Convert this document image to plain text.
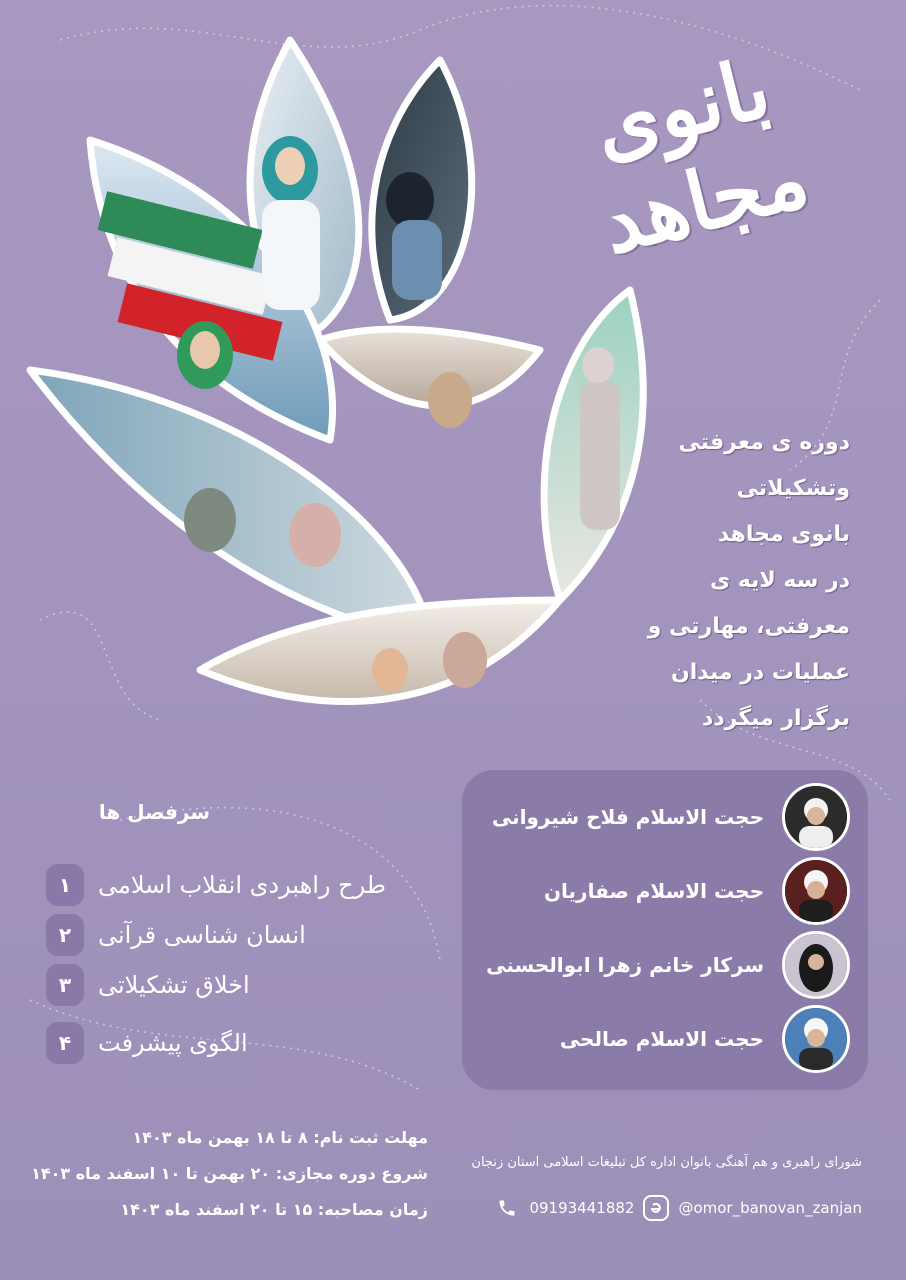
بانوی مجاهد
دوره ی معرفتی
وتشکیلاتی
بانوی مجاهد
در سه لایه ی
معرفتی، مهارتی و
عملیات در میدان
برگزار میگردد
حجت الاسلام فلاح شیروانی
حجت الاسلام صفاریان
سرکار خانم زهرا ابوالحسنی
حجت الاسلام صالحی
سرفصل ها
۱	طرح راهبردی انقلاب اسلامی
۲	انسان شناسی قرآنی
۳	اخلاق تشکیلاتی
۴	الگوی پیشرفت
مهلت ثبت نام: ۸ تا ۱۸ بهمن ماه ۱۴۰۳
شروع دوره مجازی: ۲۰ بهمن تا ۱۰ اسفند ماه ۱۴۰۳
زمان مصاحبه: ۱۵ تا ۲۰ اسفند ماه ۱۴۰۳
شورای راهبری و هم آهنگی بانوان اداره کل تبلیغات اسلامی استان زنجان
09193441882	@omor_banovan_zanjan
